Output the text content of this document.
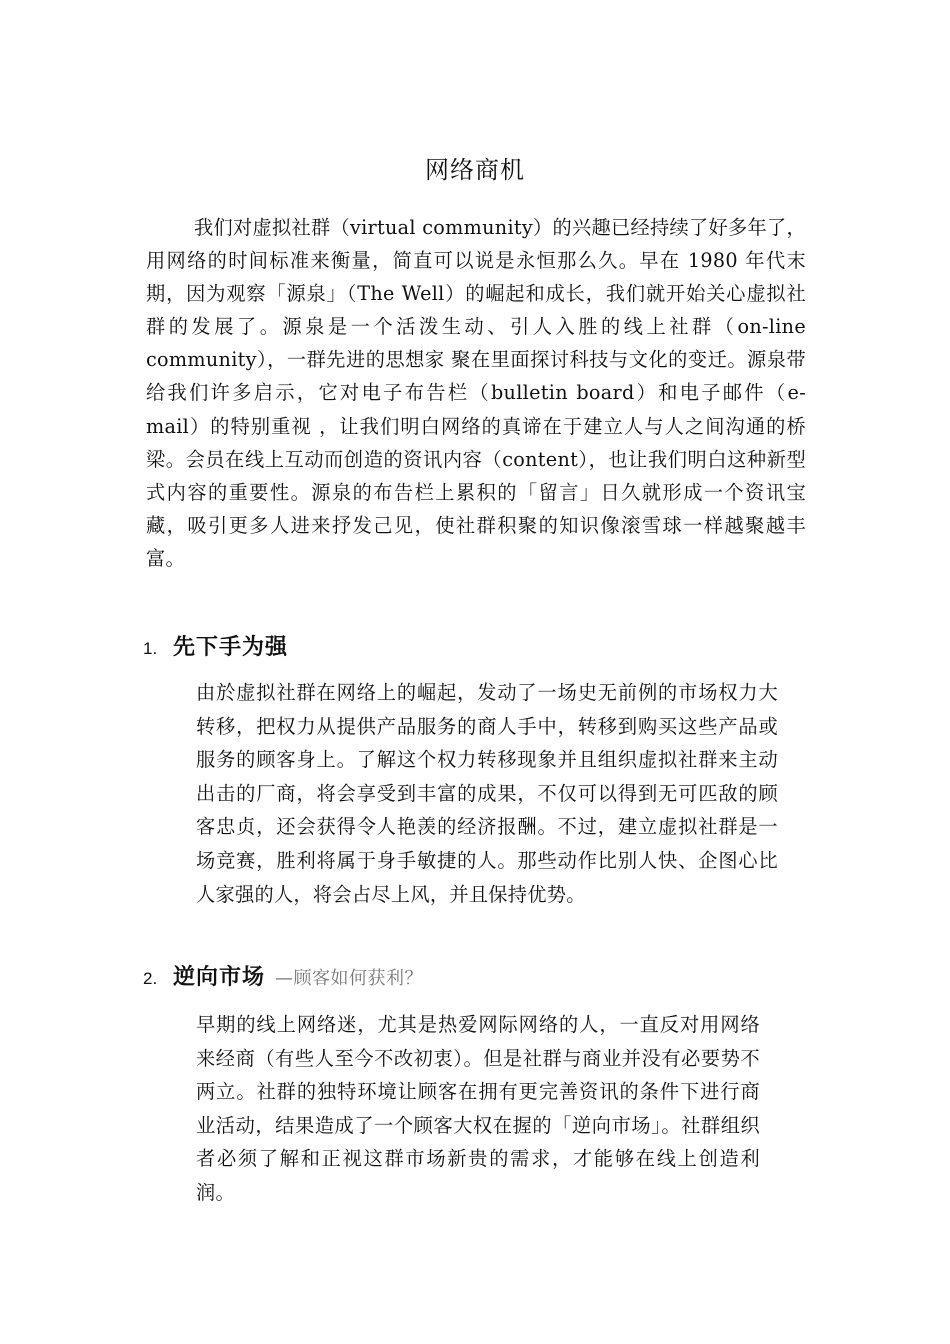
网络商机

我们对虚拟社群（virtual community）的兴趣已经持续了好多年了，用网络的时间标准来衡量，简直可以说是永恒那么久。早在 1980 年代末期，因为观察「源泉」（The Well）的崛起和成长，我们就开始关心虚拟社群的发展了。源泉是一个活泼生动、引人入胜的线上社群（on-line community），一群先进的思想家 聚在里面探讨科技与文化的变迁。源泉带给我们许多启示，它对电子布告栏（bulletin board）和电子邮件（e-mail）的特别重视 ，让我们明白网络的真谛在于建立人与人之间沟通的桥梁。会员在线上互动而创造的资讯内容（content），也让我们明白这种新型式内容的重要性。源泉的布告栏上累积的「留言」日久就形成一个资讯宝藏，吸引更多人进来抒发己见，使社群积聚的知识像滚雪球一样越聚越丰富。

1. 先下手为强

由於虚拟社群在网络上的崛起，发动了一场史无前例的市场权力大转移，把权力从提供产品服务的商人手中，转移到购买这些产品或服务的顾客身上。了解这个权力转移现象并且组织虚拟社群来主动出击的厂商，将会享受到丰富的成果，不仅可以得到无可匹敌的顾客忠贞，还会获得令人艳羡的经济报酬。不过，建立虚拟社群是一场竞赛，胜利将属于身手敏捷的人。那些动作比别人快、企图心比人家强的人，将会占尽上风，并且保持优势。

2. 逆向市场 —顾客如何获利？

早期的线上网络迷，尤其是热爱网际网络的人，一直反对用网络来经商（有些人至今不改初衷）。但是社群与商业并没有必要势不两立。社群的独特环境让顾客在拥有更完善资讯的条件下进行商业活动，结果造成了一个顾客大权在握的「逆向市场」。社群组织者必须了解和正视这群市场新贵的需求，才能够在线上创造利润。
